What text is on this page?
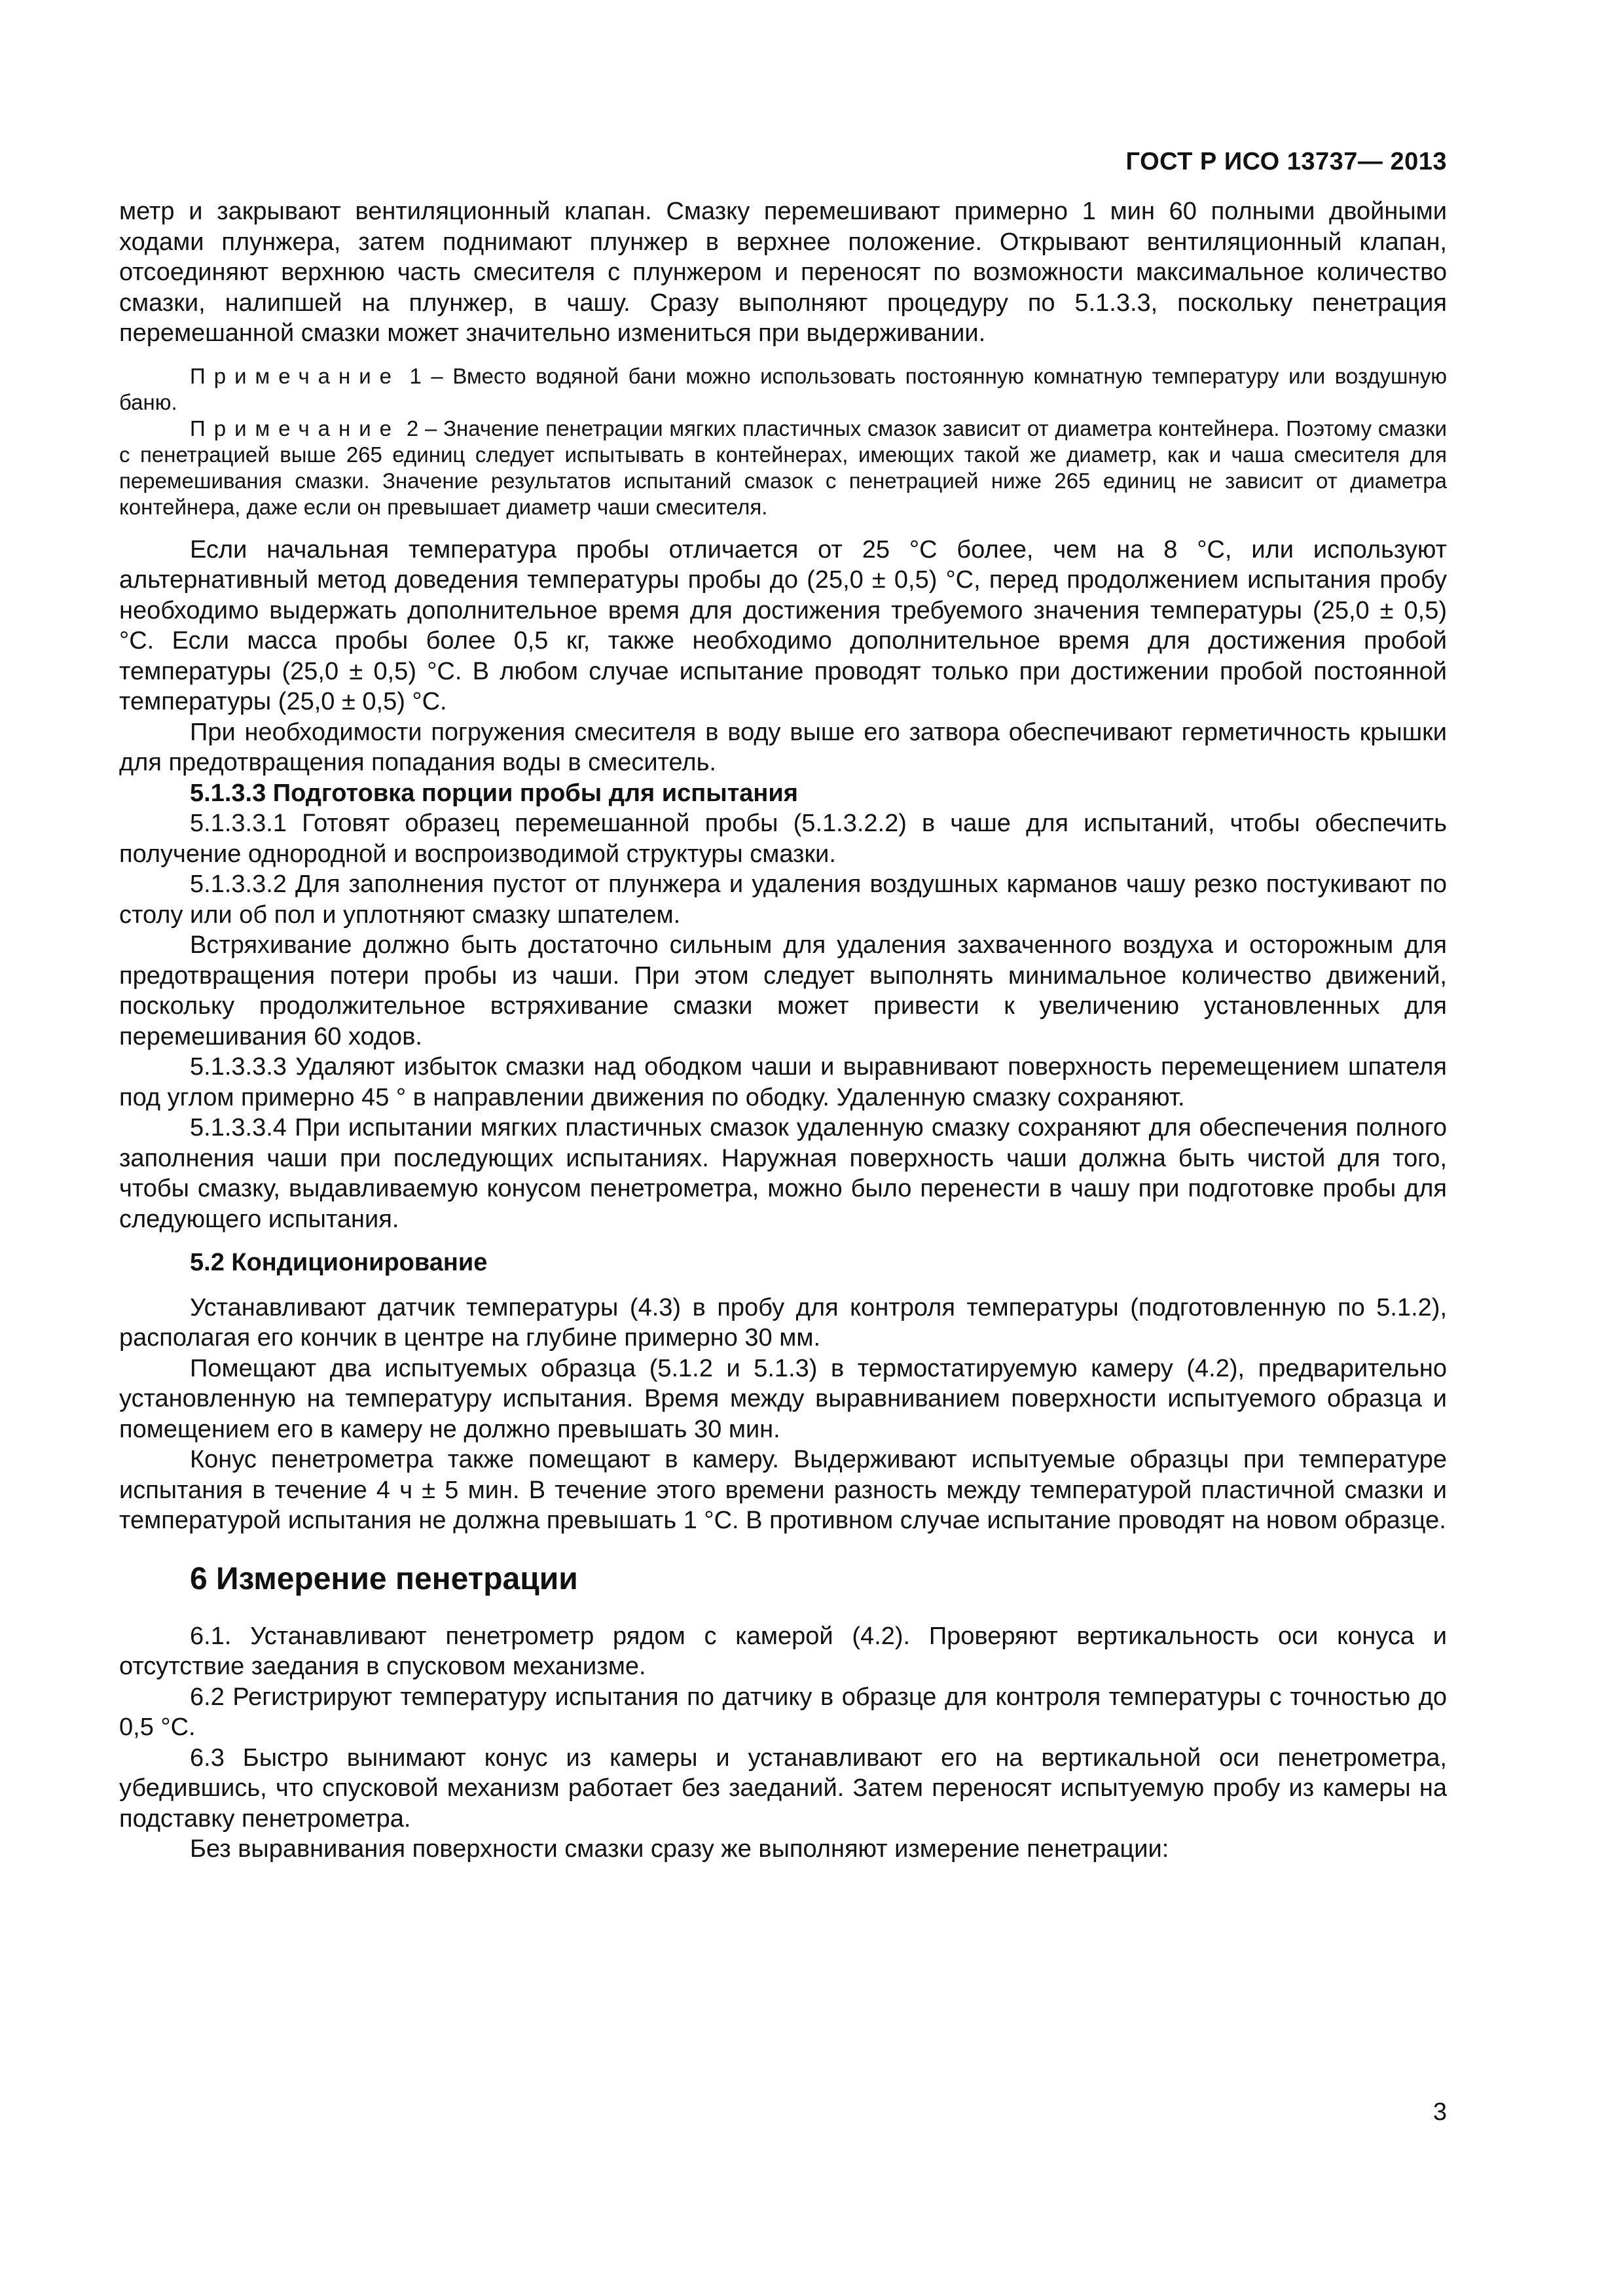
ГОСТ Р ИСО 13737— 2013

метр и закрывают вентиляционный клапан. Смазку перемешивают примерно 1 мин 60 полными двойными ходами плунжера, затем поднимают плунжер в верхнее положение. Открывают вентиляционный клапан, отсоединяют верхнюю часть смесителя с плунжером и переносят по возможности максимальное количество смазки, налипшей на плунжер, в чашу. Сразу выполняют процедуру по 5.1.3.3, поскольку пенетрация перемешанной смазки может значительно измениться при выдерживании.

Примечание 1 – Вместо водяной бани можно использовать постоянную комнатную температуру или воздушную баню.

Примечание 2 – Значение пенетрации мягких пластичных смазок зависит от диаметра контейнера. Поэтому смазки с пенетрацией выше 265 единиц следует испытывать в контейнерах, имеющих такой же диаметр, как и чаша смесителя для перемешивания смазки. Значение результатов испытаний смазок с пенетрацией ниже 265 единиц не зависит от диаметра контейнера, даже если он превышает диаметр чаши смесителя.

Если начальная температура пробы отличается от 25 °С более, чем на 8 °С, или используют альтернативный метод доведения температуры пробы до (25,0 ± 0,5) °С, перед продолжением испытания пробу необходимо выдержать дополнительное время для достижения требуемого значения температуры (25,0 ± 0,5) °С. Если масса пробы более 0,5 кг, также необходимо дополнительное время для достижения пробой температуры (25,0 ± 0,5) °С. В любом случае испытание проводят только при достижении пробой постоянной температуры (25,0 ± 0,5) °С.

При необходимости погружения смесителя в воду выше его затвора обеспечивают герметичность крышки для предотвращения попадания воды в смеситель.

5.1.3.3 Подготовка порции пробы для испытания

5.1.3.3.1 Готовят образец перемешанной пробы (5.1.3.2.2) в чаше для испытаний, чтобы обеспечить получение однородной и воспроизводимой структуры смазки.

5.1.3.3.2 Для заполнения пустот от плунжера и удаления воздушных карманов чашу резко постукивают по столу или об пол и уплотняют смазку шпателем.

Встряхивание должно быть достаточно сильным для удаления захваченного воздуха и осторожным для предотвращения потери пробы из чаши. При этом следует выполнять минимальное количество движений, поскольку продолжительное встряхивание смазки может привести к увеличению установленных для перемешивания 60 ходов.

5.1.3.3.3 Удаляют избыток смазки над ободком чаши и выравнивают поверхность перемещением шпателя под углом примерно 45 ° в направлении движения по ободку. Удаленную смазку сохраняют.

5.1.3.3.4 При испытании мягких пластичных смазок удаленную смазку сохраняют для обеспечения полного заполнения чаши при последующих испытаниях. Наружная поверхность чаши должна быть чистой для того, чтобы смазку, выдавливаемую конусом пенетрометра, можно было перенести в чашу при подготовке пробы для следующего испытания.

5.2 Кондиционирование

Устанавливают датчик температуры (4.3) в пробу для контроля температуры (подготовленную по 5.1.2), располагая его кончик в центре на глубине примерно 30 мм.

Помещают два испытуемых образца (5.1.2 и 5.1.3) в термостатируемую камеру (4.2), предварительно установленную на температуру испытания. Время между выравниванием поверхности испытуемого образца и помещением его в камеру не должно превышать 30 мин.

Конус пенетрометра также помещают в камеру. Выдерживают испытуемые образцы при температуре испытания в течение 4 ч ± 5 мин. В течение этого времени разность между температурой пластичной смазки и температурой испытания не должна превышать 1 °С. В противном случае испытание проводят на новом образце.

6 Измерение пенетрации

6.1. Устанавливают пенетрометр рядом с камерой (4.2). Проверяют вертикальность оси конуса и отсутствие заедания в спусковом механизме.

6.2 Регистрируют температуру испытания по датчику в образце для контроля температуры с точностью до 0,5 °С.

6.3 Быстро вынимают конус из камеры и устанавливают его на вертикальной оси пенетрометра, убедившись, что спусковой механизм работает без заеданий. Затем переносят испытуемую пробу из камеры на подставку пенетрометра.

Без выравнивания поверхности смазки сразу же выполняют измерение пенетрации:

3
